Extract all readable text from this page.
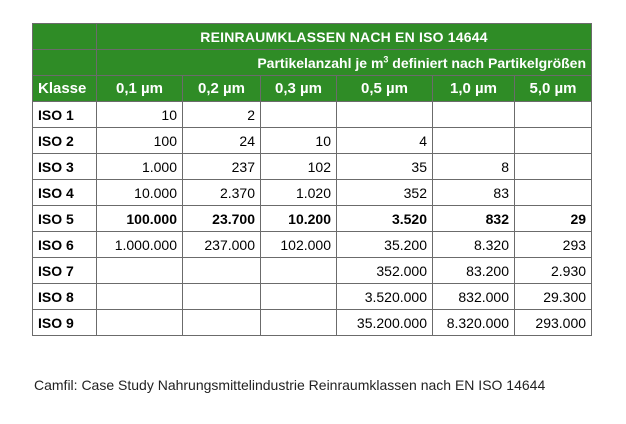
	REINRAUMKLASSEN NACH EN ISO 14644					
	Partikelanzahl je $m^3$ definiert nach Partikelgrößen					
Klasse	0,1 µm	0,2 µm	0,3 µm	0,5 µm	1,0 µm	5,0 µm
ISO 1	10	2				
ISO 2	100	24	10	4		
ISO 3	1.000	237	102	35	8	
ISO 4	10.000	2.370	1.020	352	83	
ISO 5	100.000	23.700	10.200	3.520	832	29
ISO 6	1.000.000	237.000	102.000	35.200	8.320	293
ISO 7				352.000	83.200	2.930
ISO 8				3.520.000	832.000	29.300
ISO 9				35.200.000	8.320.000	293.000
Camfil: Case Study Nahrungsmittelindustrie Reinraumklassen nach EN ISO 14644
